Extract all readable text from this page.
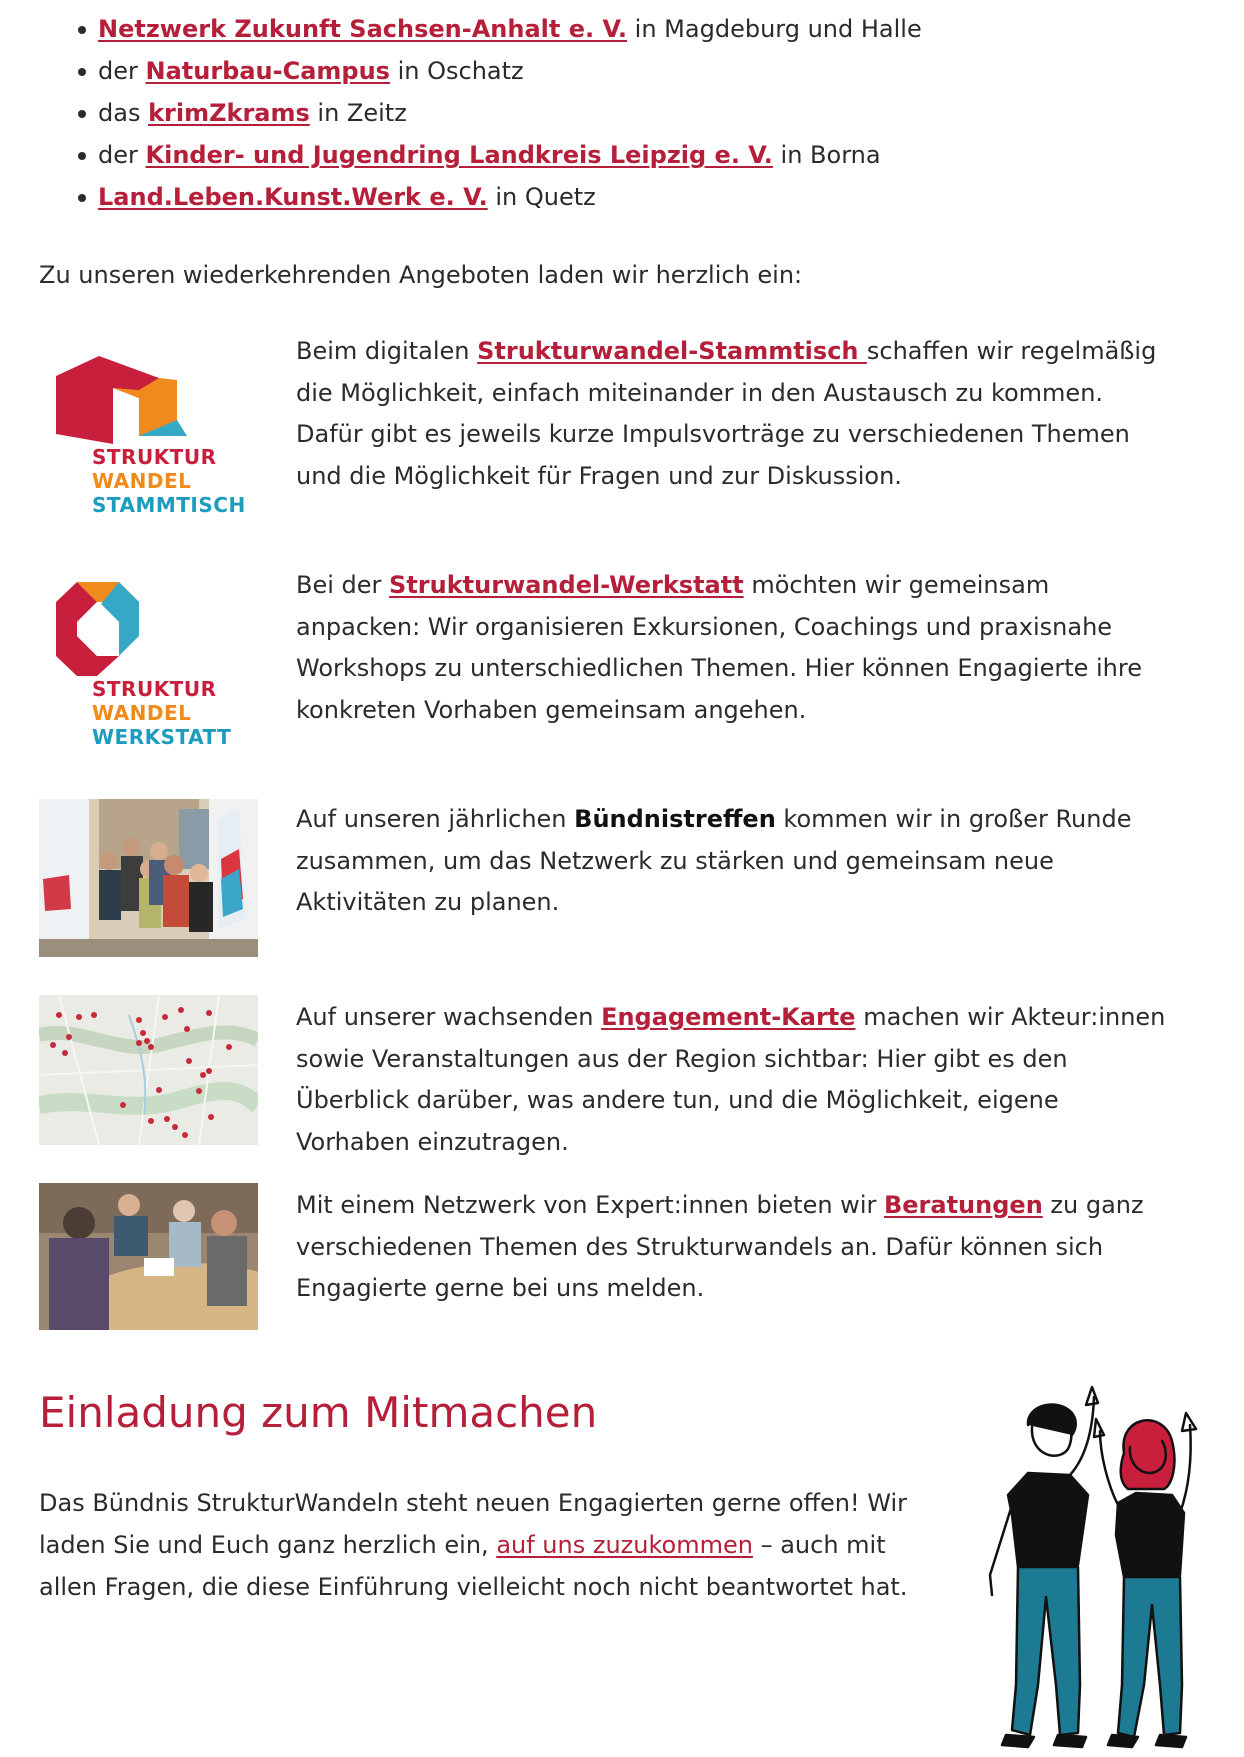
Netzwerk Zukunft Sachsen-Anhalt e. V. in Magdeburg und Halle
der Naturbau-Campus in Oschatz
das krimZkrams in Zeitz
der Kinder- und Jugendring Landkreis Leipzig e. V. in Borna
Land.Leben.Kunst.Werk e. V. in Quetz

Zu unseren wiederkehrenden Angeboten laden wir herzlich ein:

STRUKTUR
WANDEL
STAMMTISCH

Beim digitalen Strukturwandel-Stammtisch schaffen wir regelmäßig die Möglichkeit, einfach miteinander in den Austausch zu kommen. Dafür gibt es jeweils kurze Impulsvorträge zu verschiedenen Themen und die Möglichkeit für Fragen und zur Diskussion.

STRUKTUR
WANDEL
WERKSTATT

Bei der Strukturwandel-Werkstatt möchten wir gemeinsam anpacken: Wir organisieren Exkursionen, Coachings und praxisnahe Workshops zu unterschiedlichen Themen. Hier können Engagierte ihre konkreten Vorhaben gemeinsam angehen.

Auf unseren jährlichen Bündnistreffen kommen wir in großer Runde zusammen, um das Netzwerk zu stärken und gemeinsam neue Aktivitäten zu planen.

Auf unserer wachsenden Engagement-Karte machen wir Akteur:innen sowie Veranstaltungen aus der Region sichtbar: Hier gibt es den Überblick darüber, was andere tun, und die Möglichkeit, eigene Vorhaben einzutragen.

Mit einem Netzwerk von Expert:innen bieten wir Beratungen zu ganz verschiedenen Themen des Strukturwandels an. Dafür können sich Engagierte gerne bei uns melden.

Einladung zum Mitmachen

Das Bündnis StrukturWandeln steht neuen Engagierten gerne offen! Wir laden Sie und Euch ganz herzlich ein, auf uns zuzukommen – auch mit allen Fragen, die diese Einführung vielleicht noch nicht beantwortet hat.
